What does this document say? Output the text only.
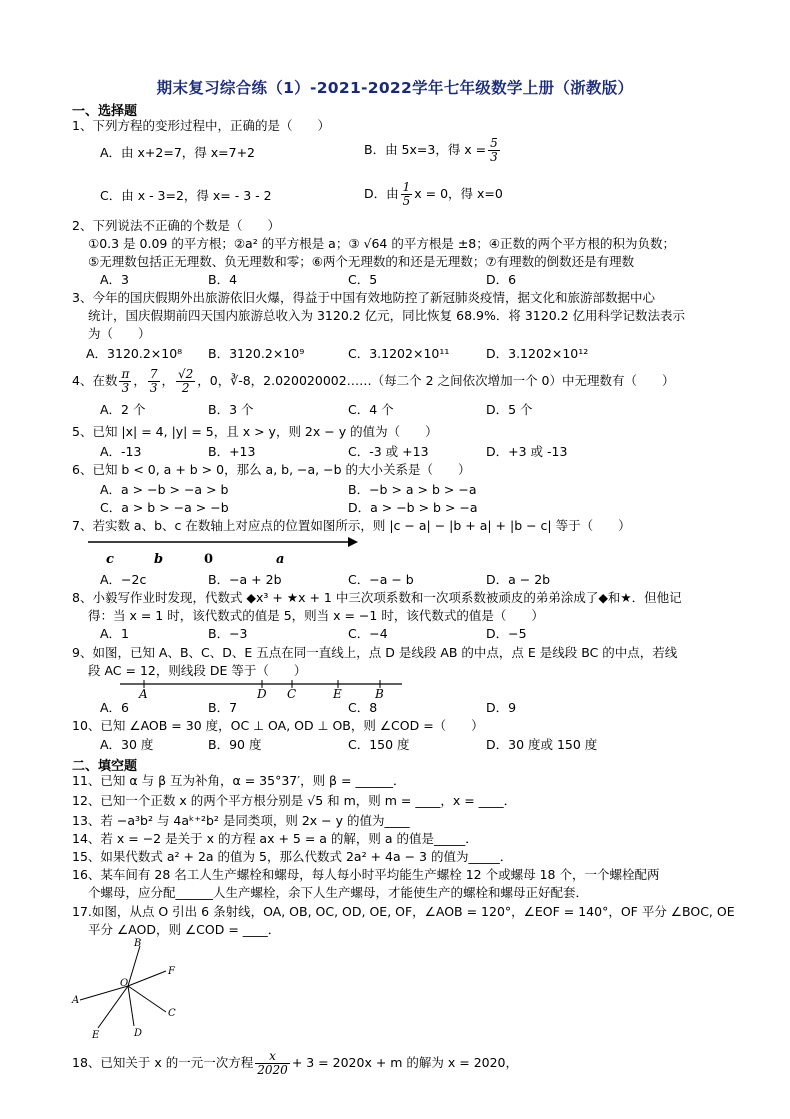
期末复习综合练（1）-2021-2022学年七年级数学上册（浙教版）
一、选择题
1、下列方程的变形过程中，正确的是（　　）
A．由 x+2=7，得 x=7+2	B．由 5x=3，得 $x = \frac{5}{3}$
C．由 x - 3=2，得 x= - 3 - 2	D．由 $\frac{1}{5}$ x = 0，得 x=0
2、下列说法不正确的个数是（　　）
①0.3 是 0.09 的平方根；②a² 的平方根是 a；③ √64 的平方根是 ±8；④正数的两个平方根的积为负数；
⑤无理数包括正无理数、负无理数和零；⑥两个无理数的和还是无理数；⑦有理数的倒数还是有理数
A．3	B．4	C．5	D．6
3、今年的国庆假期外出旅游依旧火爆，得益于中国有效地防控了新冠肺炎疫情，据文化和旅游部数据中心
统计，国庆假期前四天国内旅游总收入为 3120.2 亿元，同比恢复 68.9%．将 3120.2 亿用科学记数法表示
为（　　）
A．3120.2×10⁸ B．3120.2×10⁹	C．3.1202×10¹¹	D．3.1202×10¹²
4、在数 $\frac{\pi}{3}$ ， $\frac{7}{3}$ ， $\frac{√2}{2}$ ，0，∛-8，2.020020002……（每二个 2 之间依次增加一个 0）中无理数有（　　）
A．2 个	B．3 个	C．4 个	D．5 个
5、已知 |x| = 4, |y| = 5，且 x > y，则 2x − y 的值为（　　）
A．-13	B．+13	C．-3 或 +13	D．+3 或 -13
6、已知 b < 0, a + b > 0，那么 a, b, −a, −b 的大小关系是（　　）
A．a > −b > −a > b	B．−b > a > b > −a
C．a > b > −a > −b	D．a > −b > b > −a
7、若实数 a、b、c 在数轴上对应点的位置如图所示，则 |c − a| − |b + a| + |b − c| 等于（　　）
c	b	0	a
A．−2c	B．−a + 2b	C．−a − b	D．a − 2b
8、小毅写作业时发现，代数式 ◆x³ + ★x + 1 中三次项系数和一次项系数被顽皮的弟弟涂成了◆和★．但他记
得：当 x = 1 时，该代数式的值是 5，则当 x = −1 时，该代数式的值是（　　）
A．1	B．−3	C．−4	D．−5
9、如图，已知 A、B、C、D、E 五点在同一直线上，点 D 是线段 AB 的中点，点 E 是线段 BC 的中点，若线
段 AC = 12，则线段 DE 等于（　　）
A	D C	E	B
A．6	B．7	C．8	D．9
10、已知 ∠AOB = 30 度，OC ⊥ OA, OD ⊥ OB，则 ∠COD =（　　）
A．30 度	B．90 度	C．150 度	D．30 度或 150 度
二、填空题
11、已知 α 与 β 互为补角，α = 35°37′，则 β = ______．
12、已知一个正数 x 的两个平方根分别是 √5 和 m，则 m = ____，x = ____．
13、若 −a³b² 与 4aᵏ⁺²b² 是同类项，则 2x − y 的值为____
14、若 x = −2 是关于 x 的方程 ax + 5 = a 的解，则 a 的值是_____．
15、如果代数式 a² + 2a 的值为 5，那么代数式 2a² + 4a − 3 的值为_____．
16、某车间有 28 名工人生产螺栓和螺母，每人每小时平均能生产螺栓 12 个或螺母 18 个，一个螺栓配两
个螺母，应分配______人生产螺栓，余下人生产螺母，才能使生产的螺栓和螺母正好配套．
17.如图，从点 O 引出 6 条射线，OA, OB, OC, OD, OE, OF，∠AOB = 120°，∠EOF = 140°，OF 平分 ∠BOC, OE
平分 ∠AOD，则 ∠COD = ____．
B
F
O
A
C
E	D
18、已知关于 x 的一元一次方程 $\frac{x}{2020} + 3 = 2020x + m$ 的解为 x = 2020，
